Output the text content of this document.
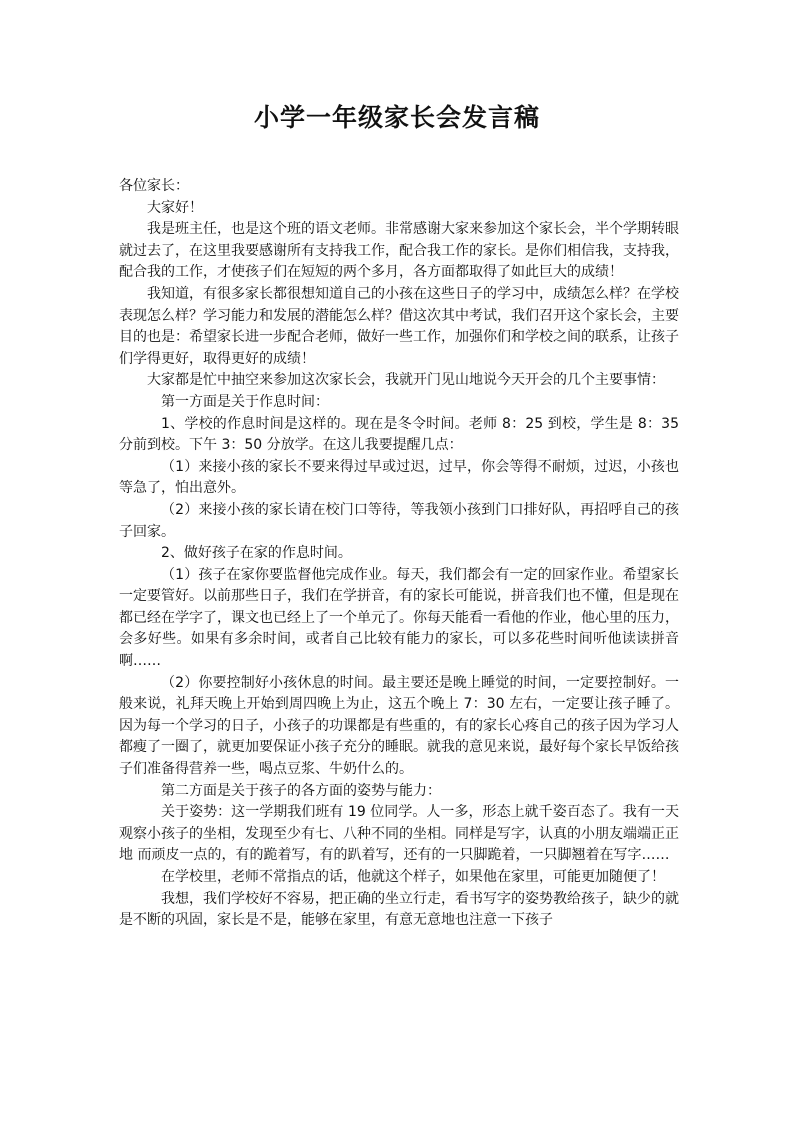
小学一年级家长会发言稿

各位家长：

大家好！

我是班主任，也是这个班的语文老师。非常感谢大家来参加这个家长会，半个学期转眼就过去了，在这里我要感谢所有支持我工作，配合我工作的家长。是你们相信我，支持我，配合我的工作，才使孩子们在短短的两个多月，各方面都取得了如此巨大的成绩！

我知道，有很多家长都很想知道自己的小孩在这些日子的学习中，成绩怎么样？在学校表现怎么样？学习能力和发展的潜能怎么样？借这次其中考试，我们召开这个家长会，主要目的也是：希望家长进一步配合老师，做好一些工作，加强你们和学校之间的联系，让孩子们学得更好，取得更好的成绩！

大家都是忙中抽空来参加这次家长会，我就开门见山地说今天开会的几个主要事情：

第一方面是关于作息时间：

1、学校的作息时间是这样的。现在是冬令时间。老师 8：25 到校，学生是 8：35 分前到校。下午 3：50 分放学。在这儿我要提醒几点：

（1）来接小孩的家长不要来得过早或过迟，过早，你会等得不耐烦，过迟，小孩也等急了，怕出意外。

（2）来接小孩的家长请在校门口等待，等我领小孩到门口排好队，再招呼自己的孩子回家。

2、做好孩子在家的作息时间。

（1）孩子在家你要监督他完成作业。每天，我们都会有一定的回家作业。希望家长一定要管好。以前那些日子，我们在学拼音，有的家长可能说，拼音我们也不懂，但是现在都已经在学字了，课文也已经上了一个单元了。你每天能看一看他的作业，他心里的压力，会多好些。如果有多余时间，或者自己比较有能力的家长，可以多花些时间听他读读拼音啊……

（2）你要控制好小孩休息的时间。最主要还是晚上睡觉的时间，一定要控制好。一般来说，礼拜天晚上开始到周四晚上为止，这五个晚上 7：30 左右，一定要让孩子睡了。因为每一个学习的日子，小孩子的功课都是有些重的，有的家长心疼自己的孩子因为学习人都瘦了一圈了，就更加要保证小孩子充分的睡眠。就我的意见来说，最好每个家长早饭给孩子们准备得营养一些，喝点豆浆、牛奶什么的。

第二方面是关于孩子的各方面的姿势与能力：

关于姿势：这一学期我们班有 19 位同学。人一多，形态上就千姿百态了。我有一天观察小孩子的坐相，发现至少有七、八种不同的坐相。同样是写字，认真的小朋友端端正正地 而顽皮一点的，有的跪着写，有的趴着写，还有的一只脚跪着，一只脚翘着在写字……

在学校里，老师不常指点的话，他就这个样子，如果他在家里，可能更加随便了！

我想，我们学校好不容易，把正确的坐立行走，看书写字的姿势教给孩子，缺少的就是不断的巩固，家长是不是，能够在家里，有意无意地也注意一下孩子
